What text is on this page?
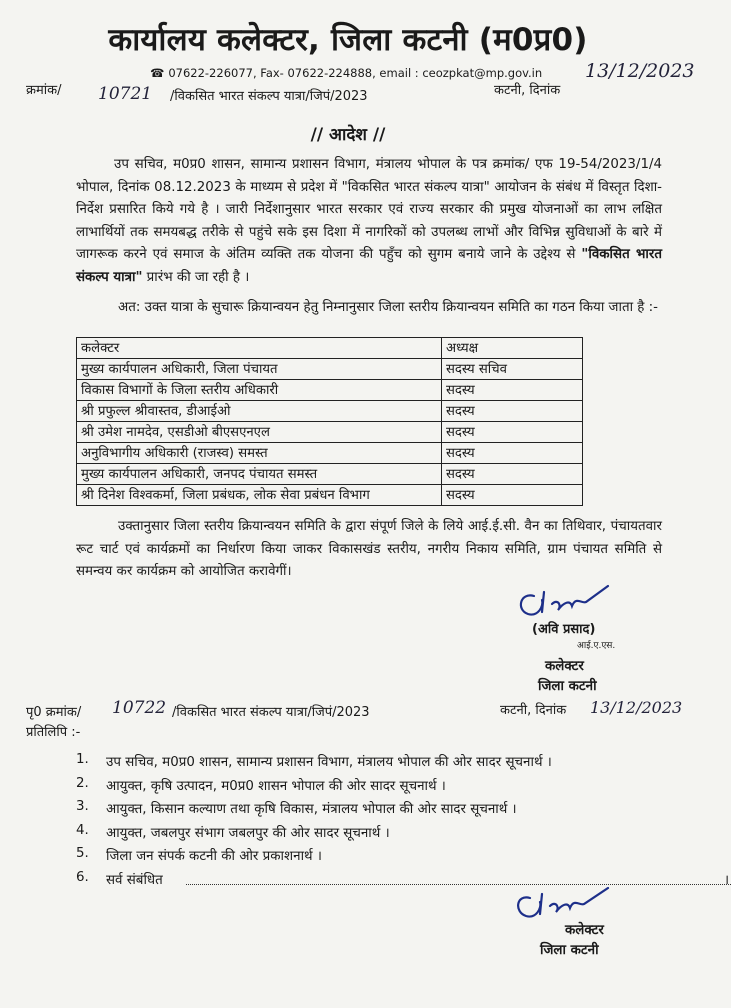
कार्यालय कलेक्टर, जिला कटनी (म0प्र0)
☎ 07622-226077, Fax- 07622-224888, email : ceozpkat@mp.gov.in
क्रमांक/ 10721 /विकसित भारत संकल्प यात्रा/जिपं/2023	कटनी, दिनांक
13/12/2023
// आदेश //
उप सचिव, म0प्र0 शासन, सामान्य प्रशासन विभाग, मंत्रालय भोपाल के पत्र क्रमांक/ एफ 19-54/2023/1/4 भोपाल, दिनांक 08.12.2023 के माध्यम से प्रदेश में "विकसित भारत संकल्प यात्रा" आयोजन के संबंध में विस्तृत दिशा-निर्देश प्रसारित किये गये है । जारी निर्देशानुसार भारत सरकार एवं राज्य सरकार की प्रमुख योजनाओं का लाभ लक्षित लाभार्थियों तक समयबद्ध तरीके से पहुंचे सके इस दिशा में नागरिकों को उपलब्ध लाभों और विभिन्न सुविधाओं के बारे में जागरूक करने एवं समाज के अंतिम व्यक्ति तक योजना की पहुँच को सुगम बनाये जाने के उद्देश्य से "विकसित भारत संकल्प यात्रा" प्रारंभ की जा रही है ।
अत: उक्त यात्रा के सुचारू क्रियान्वयन हेतु निम्नानुसार जिला स्तरीय क्रियान्वयन समिति का गठन किया जाता है :-
कलेक्टर	अध्यक्ष
मुख्य कार्यपालन अधिकारी, जिला पंचायत	सदस्य सचिव
विकास विभागों के जिला स्तरीय अधिकारी	सदस्य
श्री प्रफुल्ल श्रीवास्तव, डीआईओ	सदस्य
श्री उमेश नामदेव, एसडीओ बीएसएनएल	सदस्य
अनुविभागीय अधिकारी (राजस्व) समस्त	सदस्य
मुख्य कार्यपालन अधिकारी, जनपद पंचायत समस्त	सदस्य
श्री दिनेश विश्वकर्मा, जिला प्रबंधक, लोक सेवा प्रबंधन विभाग	सदस्य
उक्तानुसार जिला स्तरीय क्रियान्वयन समिति के द्वारा संपूर्ण जिले के लिये आई.ई.सी. वैन का तिथिवार, पंचायतवार रूट चार्ट एवं कार्यक्रमों का निर्धारण किया जाकर विकासखंड स्तरीय, नगरीय निकाय समिति, ग्राम पंचायत समिति से समन्वय कर कार्यक्रम को आयोजित करावेगीं।
(अवि प्रसाद)
आई.ए.एस.
कलेक्टर
जिला कटनी
पृ0 क्रमांक/ 10722 /विकसित भारत संकल्प यात्रा/जिपं/2023	कटनी, दिनांक 13/12/2023
प्रतिलिपि :-
1.	उप सचिव, म0प्र0 शासन, सामान्य प्रशासन विभाग, मंत्रालय भोपाल की ओर सादर सूचनार्थ ।
2.	आयुक्त, कृषि उत्पादन, म0प्र0 शासन भोपाल की ओर सादर सूचनार्थ ।
3.	आयुक्त, किसान कल्याण तथा कृषि विकास, मंत्रालय भोपाल की ओर सादर सूचनार्थ ।
4.	आयुक्त, जबलपुर संभाग जबलपुर की ओर सादर सूचनार्थ ।
5.	जिला जन संपर्क कटनी की ओर प्रकाशनार्थ ।
6.	सर्व संबंधित	।
कलेक्टर
जिला कटनी
